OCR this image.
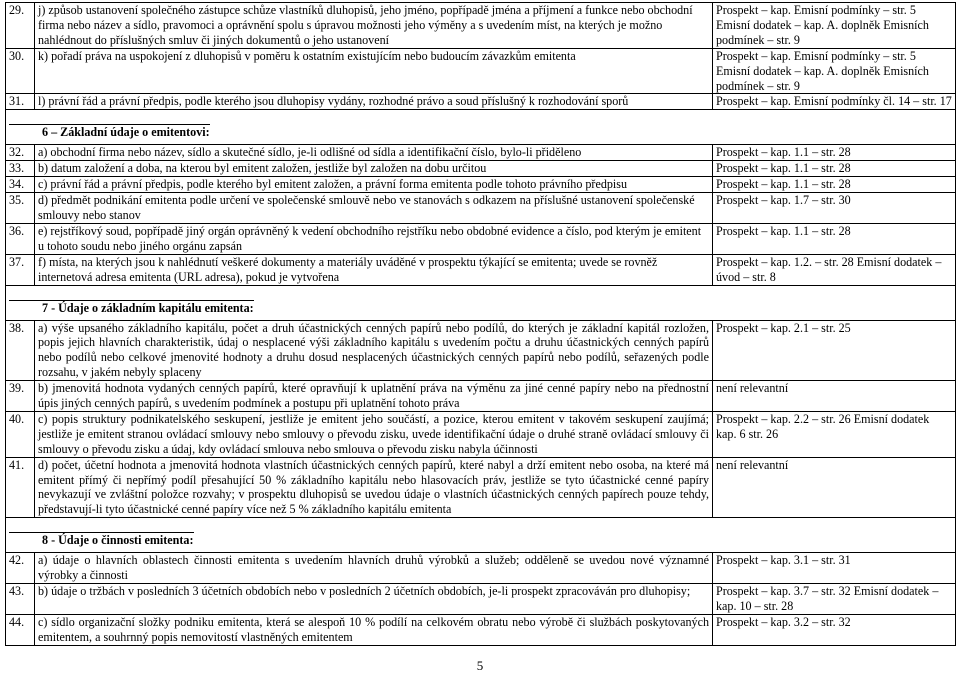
29.	j) způsob ustanovení společného zástupce schůze vlastníků dluhopisů, jeho jméno, popřípadě jména a příjmení a funkce nebo obchodní firma nebo název a sídlo, pravomoci a oprávnění spolu s úpravou možnosti jeho výměny a s uvedením míst, na kterých je možno nahlédnout do příslušných smluv či jiných dokumentů o jeho ustanovení	Prospekt – kap. Emisní podmínky – str. 5 Emisní dodatek – kap. A. doplněk Emisních podmínek – str. 9
30.	k) pořadí práva na uspokojení z dluhopisů v poměru k ostatním existujícím nebo budoucím závazkům emitenta	Prospekt – kap. Emisní podmínky – str. 5 Emisní dodatek – kap. A. doplněk Emisních podmínek – str. 9
31.	l) právní řád a právní předpis, podle kterého jsou dluhopisy vydány, rozhodné právo a soud příslušný k rozhodování sporů	Prospekt – kap. Emisní podmínky čl. 14 – str. 17
6 – Základní údaje o emitentovi:		
32.	a) obchodní firma nebo název, sídlo a skutečné sídlo, je-li odlišné od sídla a identifikační číslo, bylo-li přiděleno	Prospekt – kap. 1.1 – str. 28
33.	b) datum založení a doba, na kterou byl emitent založen, jestliže byl založen na dobu určitou	Prospekt – kap. 1.1 – str. 28
34.	c) právní řád a právní předpis, podle kterého byl emitent založen, a právní forma emitenta podle tohoto právního předpisu	Prospekt – kap. 1.1 – str. 28
35.	d) předmět podnikání emitenta podle určení ve společenské smlouvě nebo ve stanovách s odkazem na příslušné ustanovení společenské smlouvy nebo stanov	Prospekt – kap. 1.7 – str. 30
36.	e) rejstříkový soud, popřípadě jiný orgán oprávněný k vedení obchodního rejstříku nebo obdobné evidence a číslo, pod kterým je emitent u tohoto soudu nebo jiného orgánu zapsán	Prospekt – kap. 1.1 – str. 28
37.	f) místa, na kterých jsou k nahlédnutí veškeré dokumenty a materiály uváděné v prospektu týkající se emitenta; uvede se rovněž internetová adresa emitenta (URL adresa), pokud je vytvořena	Prospekt – kap. 1.2. – str. 28 Emisní dodatek – úvod – str. 8
7 - Údaje o základním kapitálu emitenta:		
38.	a) výše upsaného základního kapitálu, počet a druh účastnických cenných papírů nebo podílů, do kterých je základní kapitál rozložen, popis jejich hlavních charakteristik, údaj o nesplacené výši základního kapitálu s uvedením počtu a druhu účastnických cenných papírů nebo podílů nebo celkové jmenovité hodnoty a druhu dosud nesplacených účastnických cenných papírů nebo podílů, seřazených podle rozsahu, v jakém nebyly splaceny	Prospekt – kap. 2.1 – str. 25
39.	b) jmenovitá hodnota vydaných cenných papírů, které opravňují k uplatnění práva na výměnu za jiné cenné papíry nebo na přednostní úpis jiných cenných papírů, s uvedením podmínek a postupu při uplatnění tohoto práva	není relevantní
40.	c) popis struktury podnikatelského seskupení, jestliže je emitent jeho součástí, a pozice, kterou emitent v takovém seskupení zaujímá; jestliže je emitent stranou ovládací smlouvy nebo smlouvy o převodu zisku, uvede identifikační údaje o druhé straně ovládací smlouvy či smlouvy o převodu zisku a údaj, kdy ovládací smlouva nebo smlouva o převodu zisku nabyla účinnosti	Prospekt – kap. 2.2 – str. 26 Emisní dodatek kap. 6 str. 26
41.	d) počet, účetní hodnota a jmenovitá hodnota vlastních účastnických cenných papírů, které nabyl a drží emitent nebo osoba, na které má emitent přímý či nepřímý podíl přesahující 50 % základního kapitálu nebo hlasovacích práv, jestliže se tyto účastnické cenné papíry nevykazují ve zvláštní položce rozvahy; v prospektu dluhopisů se uvedou údaje o vlastních účastnických cenných papírech pouze tehdy, představují-li tyto účastnické cenné papíry více než 5 % základního kapitálu emitenta	není relevantní
8 - Údaje o činnosti emitenta:		
42.	a) údaje o hlavních oblastech činnosti emitenta s uvedením hlavních druhů výrobků a služeb; odděleně se uvedou nové významné výrobky a činnosti	Prospekt – kap. 3.1 – str. 31
43.	b) údaje o tržbách v posledních 3 účetních obdobích nebo v posledních 2 účetních obdobích, je-li prospekt zpracováván pro dluhopisy;	Prospekt – kap. 3.7 – str. 32 Emisní dodatek – kap. 10 – str. 28
44.	c) sídlo organizační složky podniku emitenta, která se alespoň 10 % podílí na celkovém obratu nebo výrobě či službách poskytovaných emitentem, a souhrnný popis nemovitostí vlastněných emitentem	Prospekt – kap. 3.2 – str. 32
5
